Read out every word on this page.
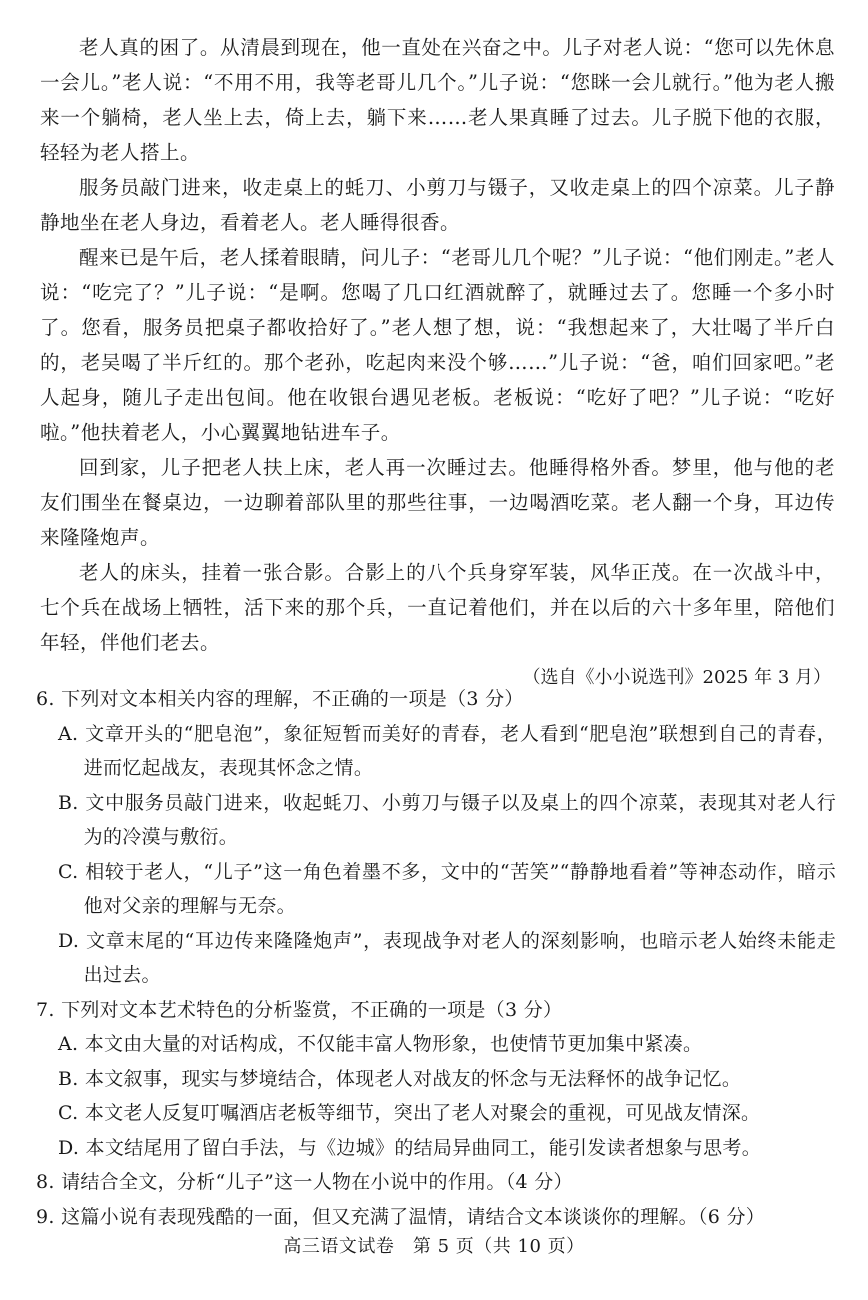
老人真的困了。从清晨到现在，他一直处在兴奋之中。儿子对老人说：“您可以先休息一会儿。”老人说：“不用不用，我等老哥儿几个。”儿子说：“您眯一会儿就行。”他为老人搬来一个躺椅，老人坐上去，倚上去，躺下来……老人果真睡了过去。儿子脱下他的衣服，轻轻为老人搭上。

服务员敲门进来，收走桌上的蚝刀、小剪刀与镊子，又收走桌上的四个凉菜。儿子静静地坐在老人身边，看着老人。老人睡得很香。

醒来已是午后，老人揉着眼睛，问儿子：“老哥儿几个呢？”儿子说：“他们刚走。”老人说：“吃完了？”儿子说：“是啊。您喝了几口红酒就醉了，就睡过去了。您睡一个多小时了。您看，服务员把桌子都收拾好了。”老人想了想，说：“我想起来了，大壮喝了半斤白的，老吴喝了半斤红的。那个老孙，吃起肉来没个够……”儿子说：“爸，咱们回家吧。”老人起身，随儿子走出包间。他在收银台遇见老板。老板说：“吃好了吧？”儿子说：“吃好啦。”他扶着老人，小心翼翼地钻进车子。

回到家，儿子把老人扶上床，老人再一次睡过去。他睡得格外香。梦里，他与他的老友们围坐在餐桌边，一边聊着部队里的那些往事，一边喝酒吃菜。老人翻一个身，耳边传来隆隆炮声。

老人的床头，挂着一张合影。合影上的八个兵身穿军装，风华正茂。在一次战斗中，七个兵在战场上牺牲，活下来的那个兵，一直记着他们，并在以后的六十多年里，陪他们年轻，伴他们老去。

（选自《小小说选刊》2025 年 3 月）

6. 下列对文本相关内容的理解，不正确的一项是（3 分）

A. 文章开头的“肥皂泡”，象征短暂而美好的青春，老人看到“肥皂泡”联想到自己的青春，进而忆起战友，表现其怀念之情。

B. 文中服务员敲门进来，收起蚝刀、小剪刀与镊子以及桌上的四个凉菜，表现其对老人行为的冷漠与敷衍。

C. 相较于老人，“儿子”这一角色着墨不多，文中的“苦笑”“静静地看着”等神态动作，暗示他对父亲的理解与无奈。

D. 文章末尾的“耳边传来隆隆炮声”，表现战争对老人的深刻影响，也暗示老人始终未能走出过去。

7. 下列对文本艺术特色的分析鉴赏，不正确的一项是（3 分）

A. 本文由大量的对话构成，不仅能丰富人物形象，也使情节更加集中紧凑。

B. 本文叙事，现实与梦境结合，体现老人对战友的怀念与无法释怀的战争记忆。

C. 本文老人反复叮嘱酒店老板等细节，突出了老人对聚会的重视，可见战友情深。

D. 本文结尾用了留白手法，与《边城》的结局异曲同工，能引发读者想象与思考。

8. 请结合全文，分析“儿子”这一人物在小说中的作用。（4 分）

9. 这篇小说有表现残酷的一面，但又充满了温情，请结合文本谈谈你的理解。（6 分）

高三语文试卷　第 5 页（共 10 页）
